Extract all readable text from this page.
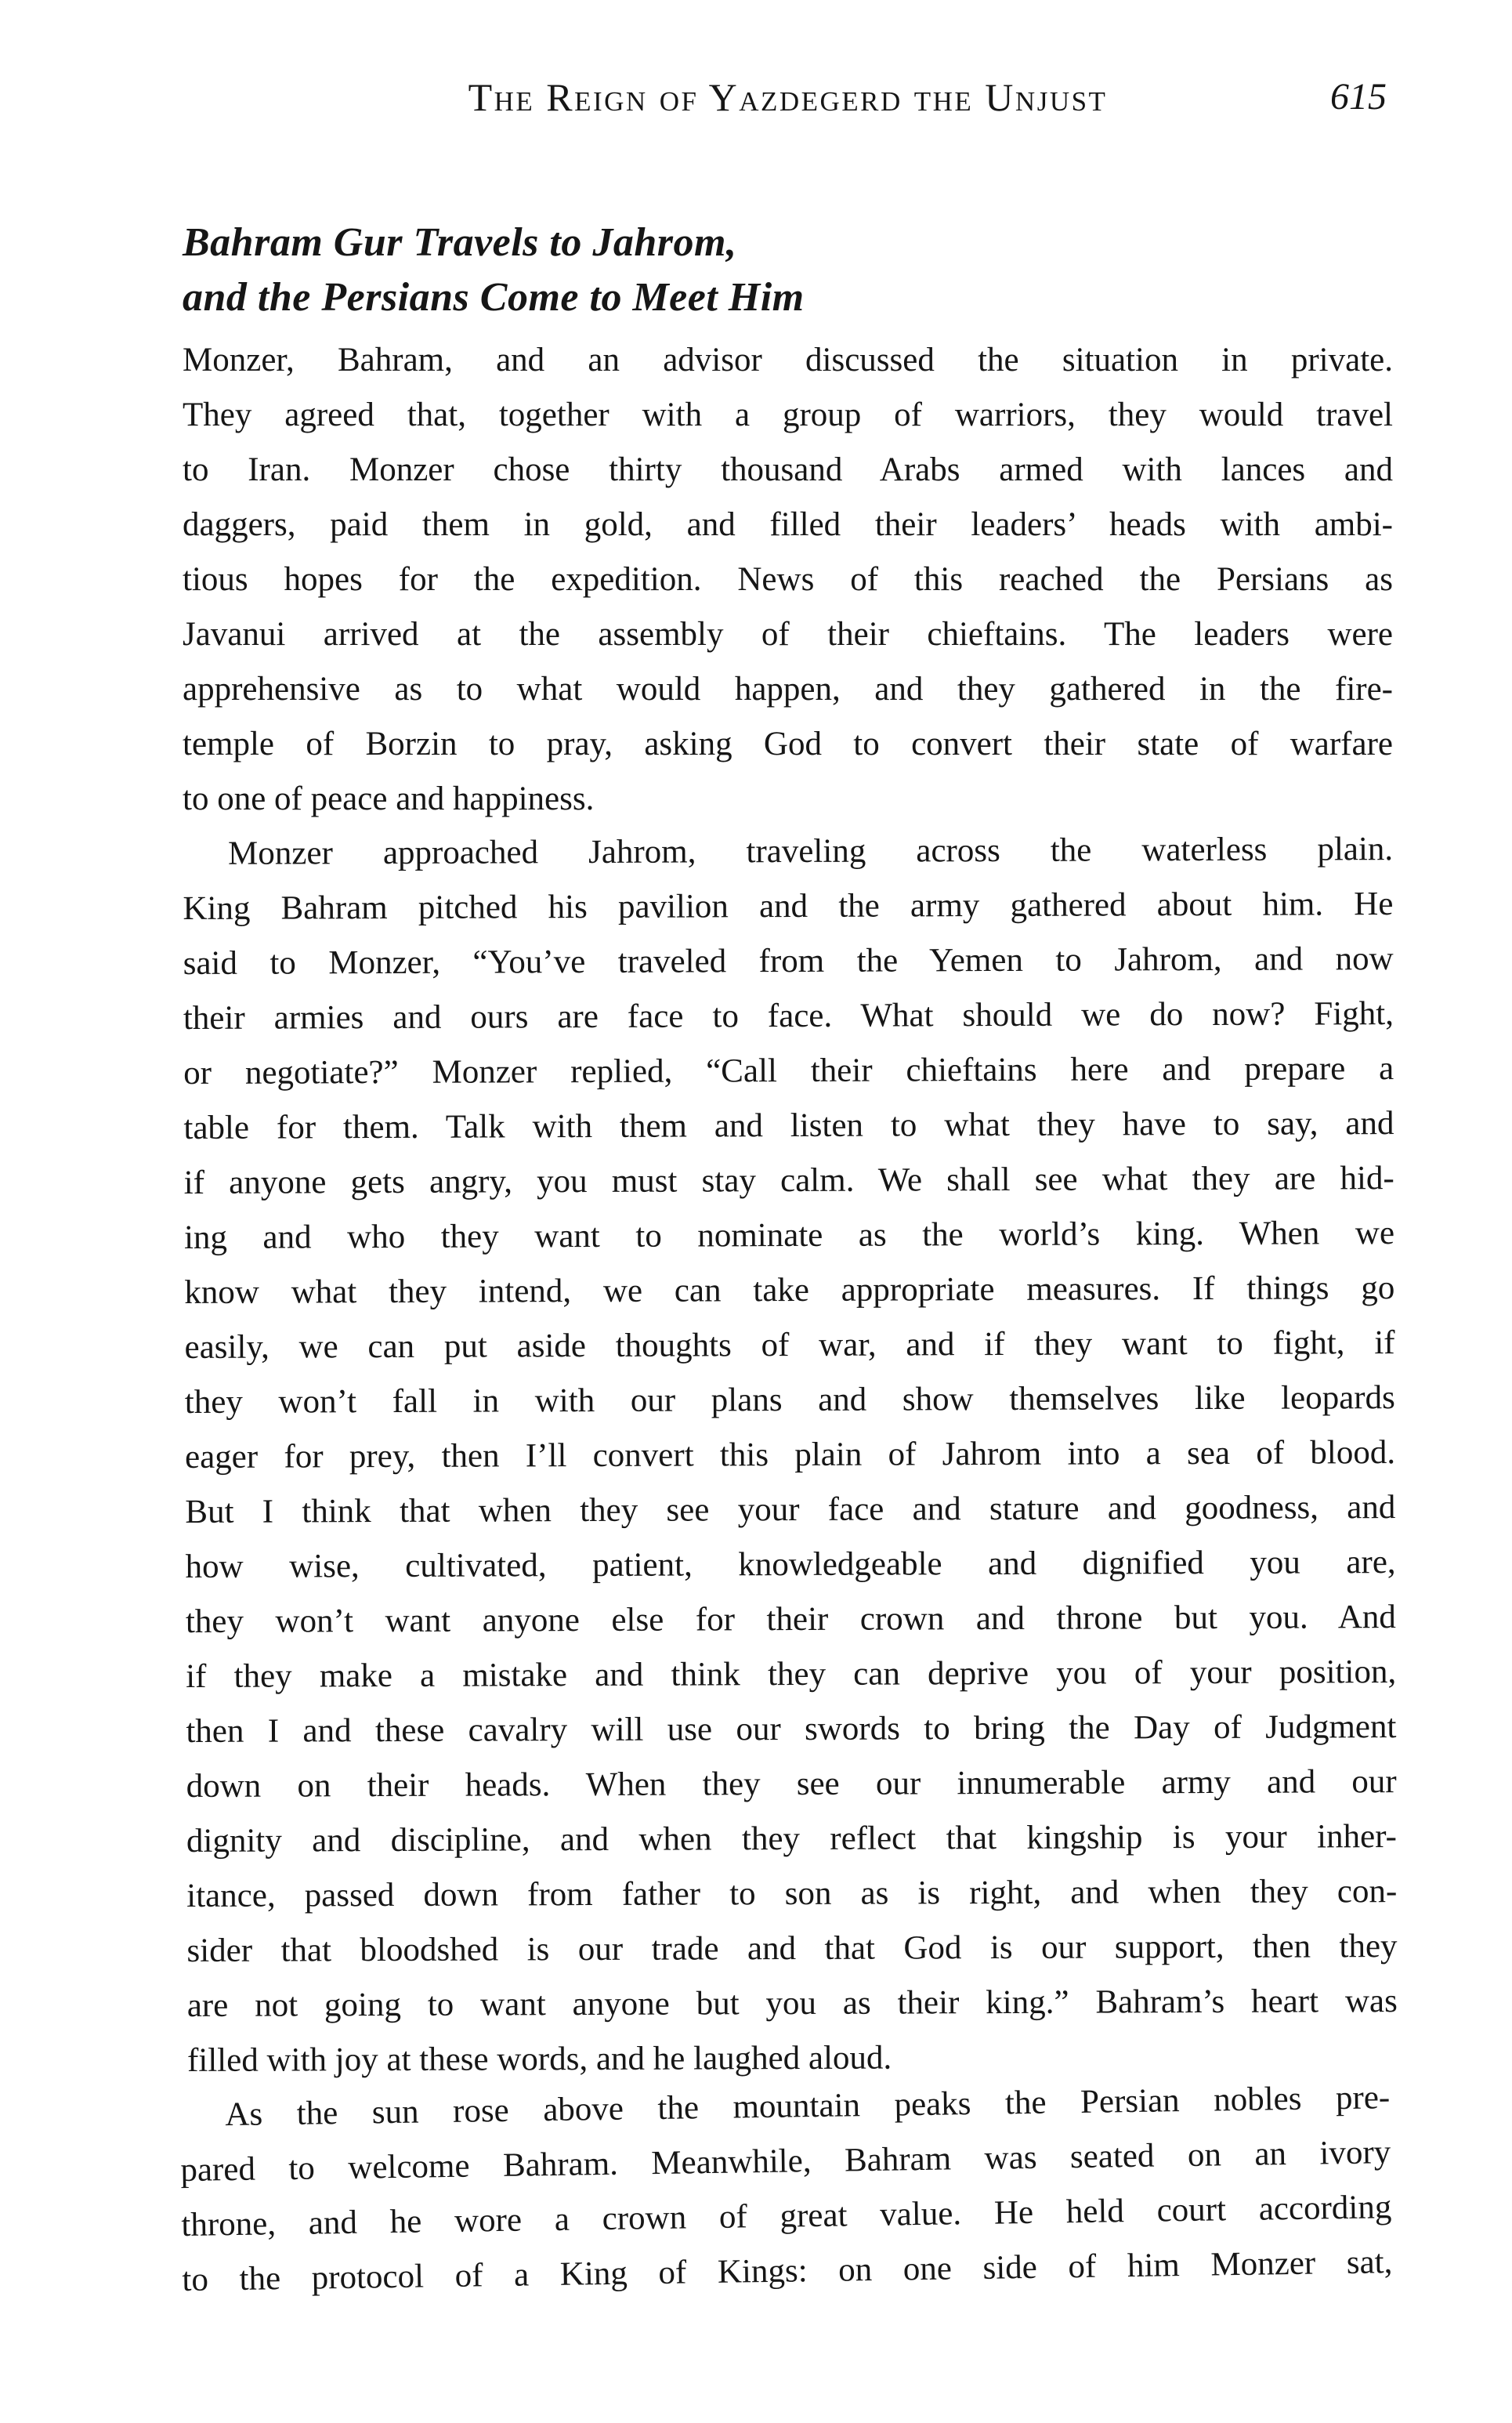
The Reign of Yazdegerd the Unjust	615
Bahram Gur Travels to Jahrom,
and the Persians Come to Meet Him
Monzer, Bahram, and an advisor discussed the situation in private.
They agreed that, together with a group of warriors, they would travel
to Iran. Monzer chose thirty thousand Arabs armed with lances and
daggers, paid them in gold, and filled their leaders’ heads with ambi-
tious hopes for the expedition. News of this reached the Persians as
Javanui arrived at the assembly of their chieftains. The leaders were
apprehensive as to what would happen, and they gathered in the fire-
temple of Borzin to pray, asking God to convert their state of warfare
to one of peace and happiness.
Monzer approached Jahrom, traveling across the waterless plain.
King Bahram pitched his pavilion and the army gathered about him. He
said to Monzer, “You’ve traveled from the Yemen to Jahrom, and now
their armies and ours are face to face. What should we do now? Fight,
or negotiate?” Monzer replied, “Call their chieftains here and prepare a
table for them. Talk with them and listen to what they have to say, and
if anyone gets angry, you must stay calm. We shall see what they are hid-
ing and who they want to nominate as the world’s king. When we
know what they intend, we can take appropriate measures. If things go
easily, we can put aside thoughts of war, and if they want to fight, if
they won’t fall in with our plans and show themselves like leopards
eager for prey, then I’ll convert this plain of Jahrom into a sea of blood.
But I think that when they see your face and stature and goodness, and
how wise, cultivated, patient, knowledgeable and dignified you are,
they won’t want anyone else for their crown and throne but you. And
if they make a mistake and think they can deprive you of your position,
then I and these cavalry will use our swords to bring the Day of Judgment
down on their heads. When they see our innumerable army and our
dignity and discipline, and when they reflect that kingship is your inher-
itance, passed down from father to son as is right, and when they con-
sider that bloodshed is our trade and that God is our support, then they
are not going to want anyone but you as their king.” Bahram’s heart was
filled with joy at these words, and he laughed aloud.
As the sun rose above the mountain peaks the Persian nobles pre-
pared to welcome Bahram. Meanwhile, Bahram was seated on an ivory
throne, and he wore a crown of great value. He held court according
to the protocol of a King of Kings: on one side of him Monzer sat,
